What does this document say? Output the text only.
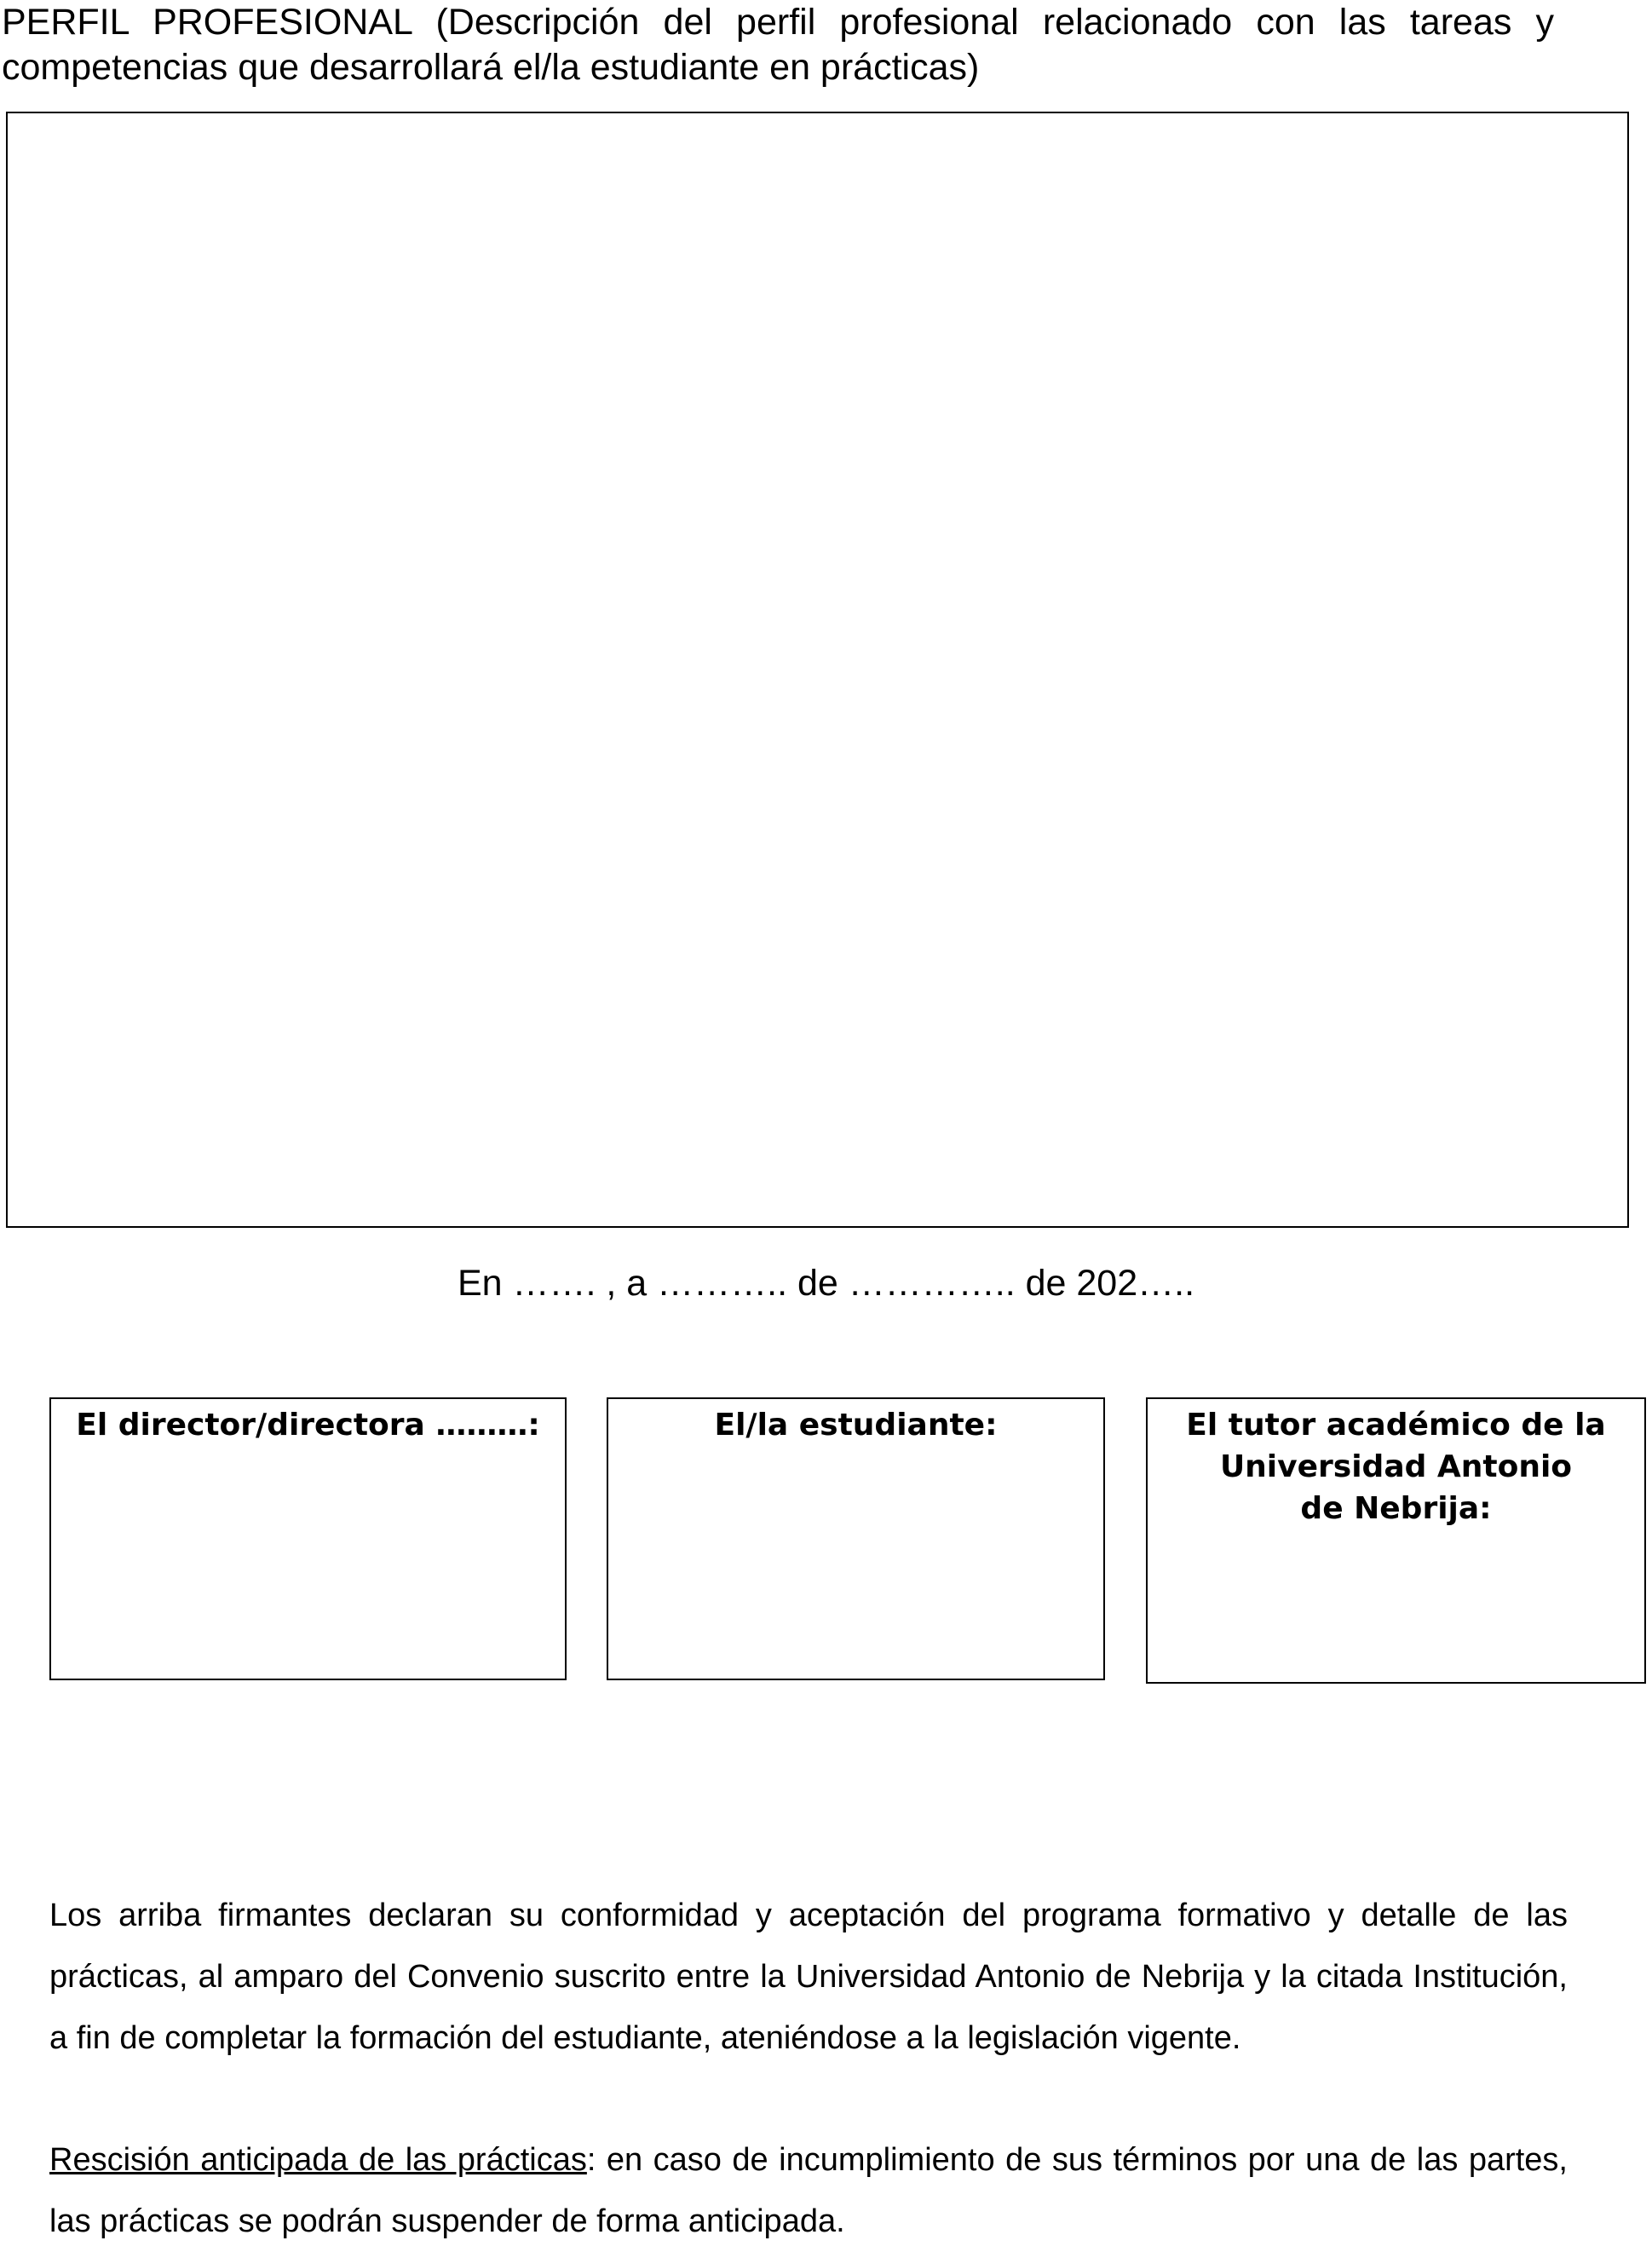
PERFIL PROFESIONAL (Descripción del perfil profesional relacionado con las tareas y competencias que desarrollará el/la estudiante en prácticas)

En ……. , a ……….. de ………….. de 202…..

El director/directora ………:	El/la estudiante:	El tutor académico de la
Universidad Antonio
de Nebrija:

Los arriba firmantes declaran su conformidad y aceptación del programa formativo y detalle de las prácticas, al amparo del Convenio suscrito entre la Universidad Antonio de Nebrija y la citada Institución, a fin de completar la formación del estudiante, ateniéndose a la legislación vigente.

Rescisión anticipada de las prácticas: en caso de incumplimiento de sus términos por una de las partes, las prácticas se podrán suspender de forma anticipada.
